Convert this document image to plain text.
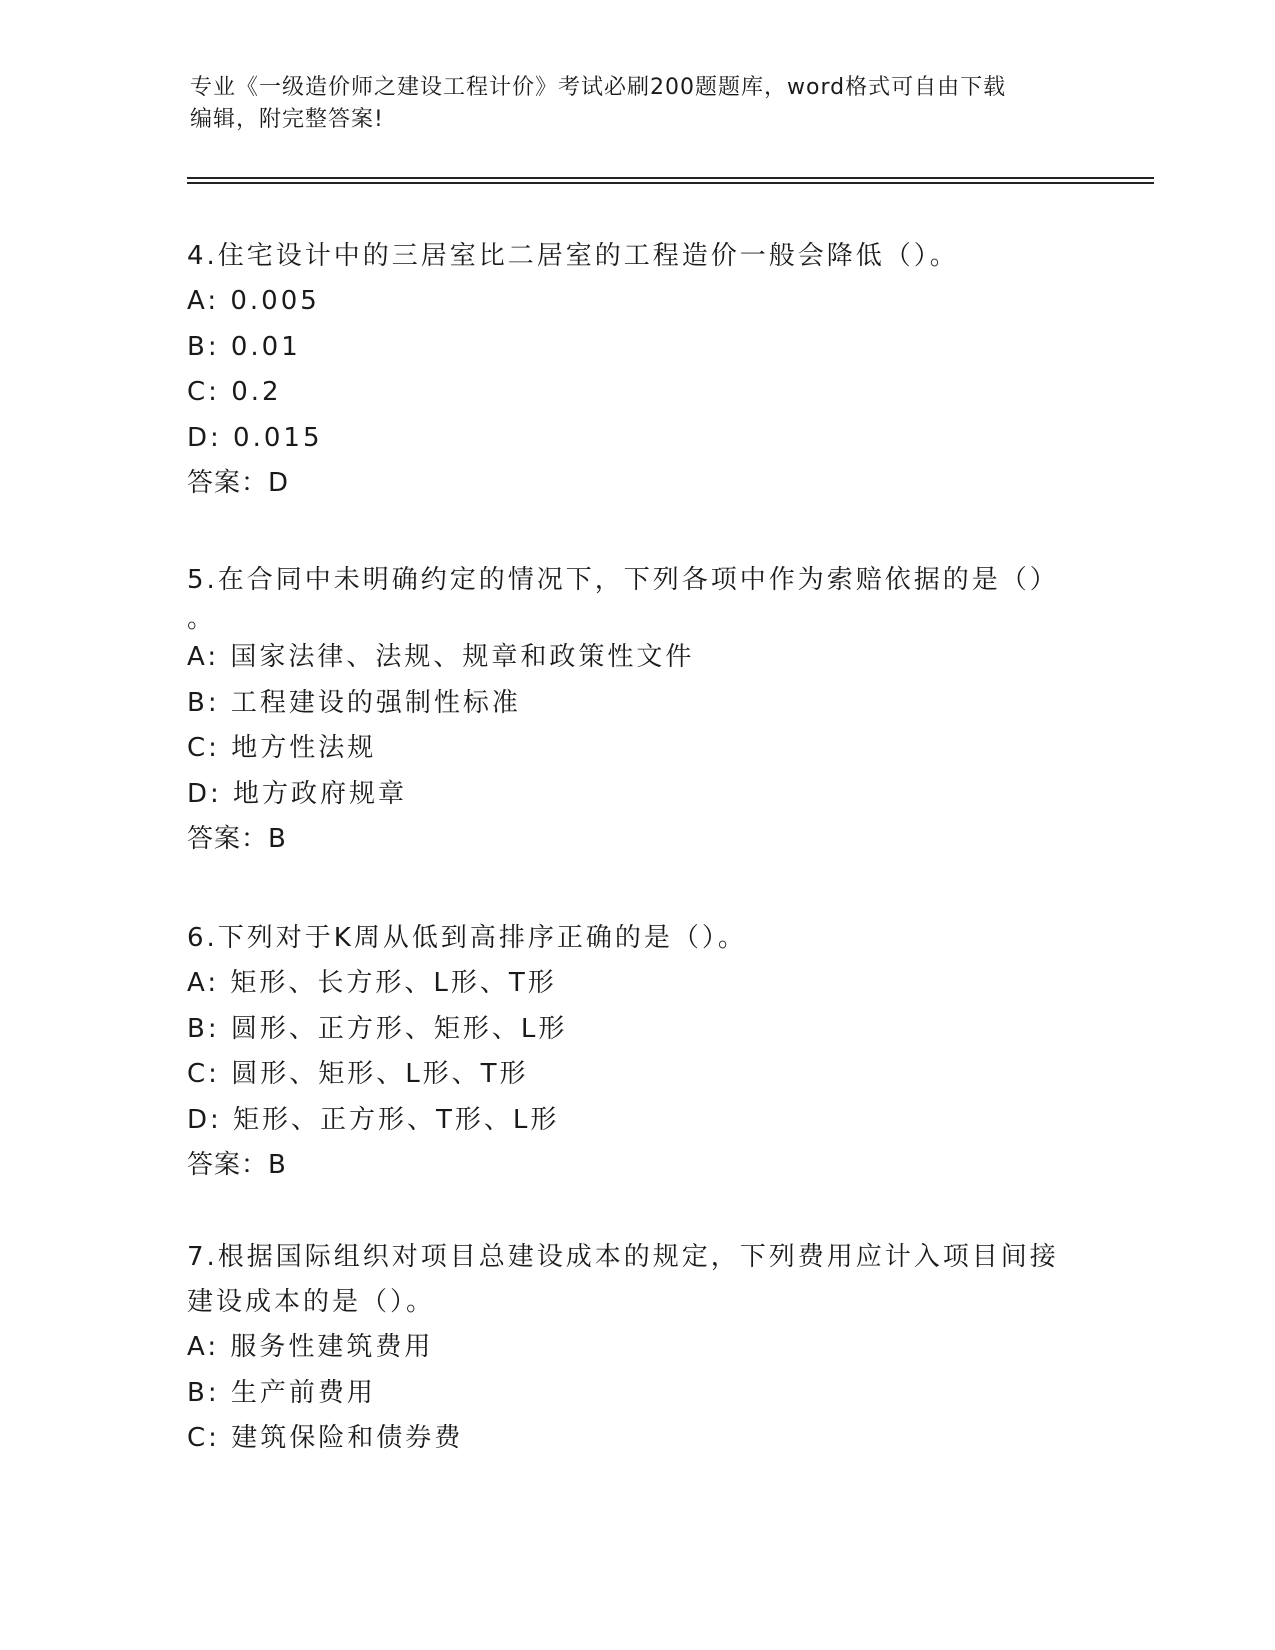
专业《一级造价师之建设工程计价》考试必刷200题题库，word格式可自由下载
编辑，附完整答案!
4.住宅设计中的三居室比二居室的工程造价一般会降低（）。
A: 0.005
B: 0.01
C: 0.2
D: 0.015
答案：D
5.在合同中未明确约定的情况下，下列各项中作为索赔依据的是（）
。
A: 国家法律、法规、规章和政策性文件
B: 工程建设的强制性标准
C: 地方性法规
D: 地方政府规章
答案：B
6.下列对于K周从低到高排序正确的是（）。
A: 矩形、长方形、L形、T形
B: 圆形、正方形、矩形、L形
C: 圆形、矩形、L形、T形
D: 矩形、正方形、T形、L形
答案：B
7.根据国际组织对项目总建设成本的规定，下列费用应计入项目间接
建设成本的是（）。
A: 服务性建筑费用
B: 生产前费用
C: 建筑保险和债券费
